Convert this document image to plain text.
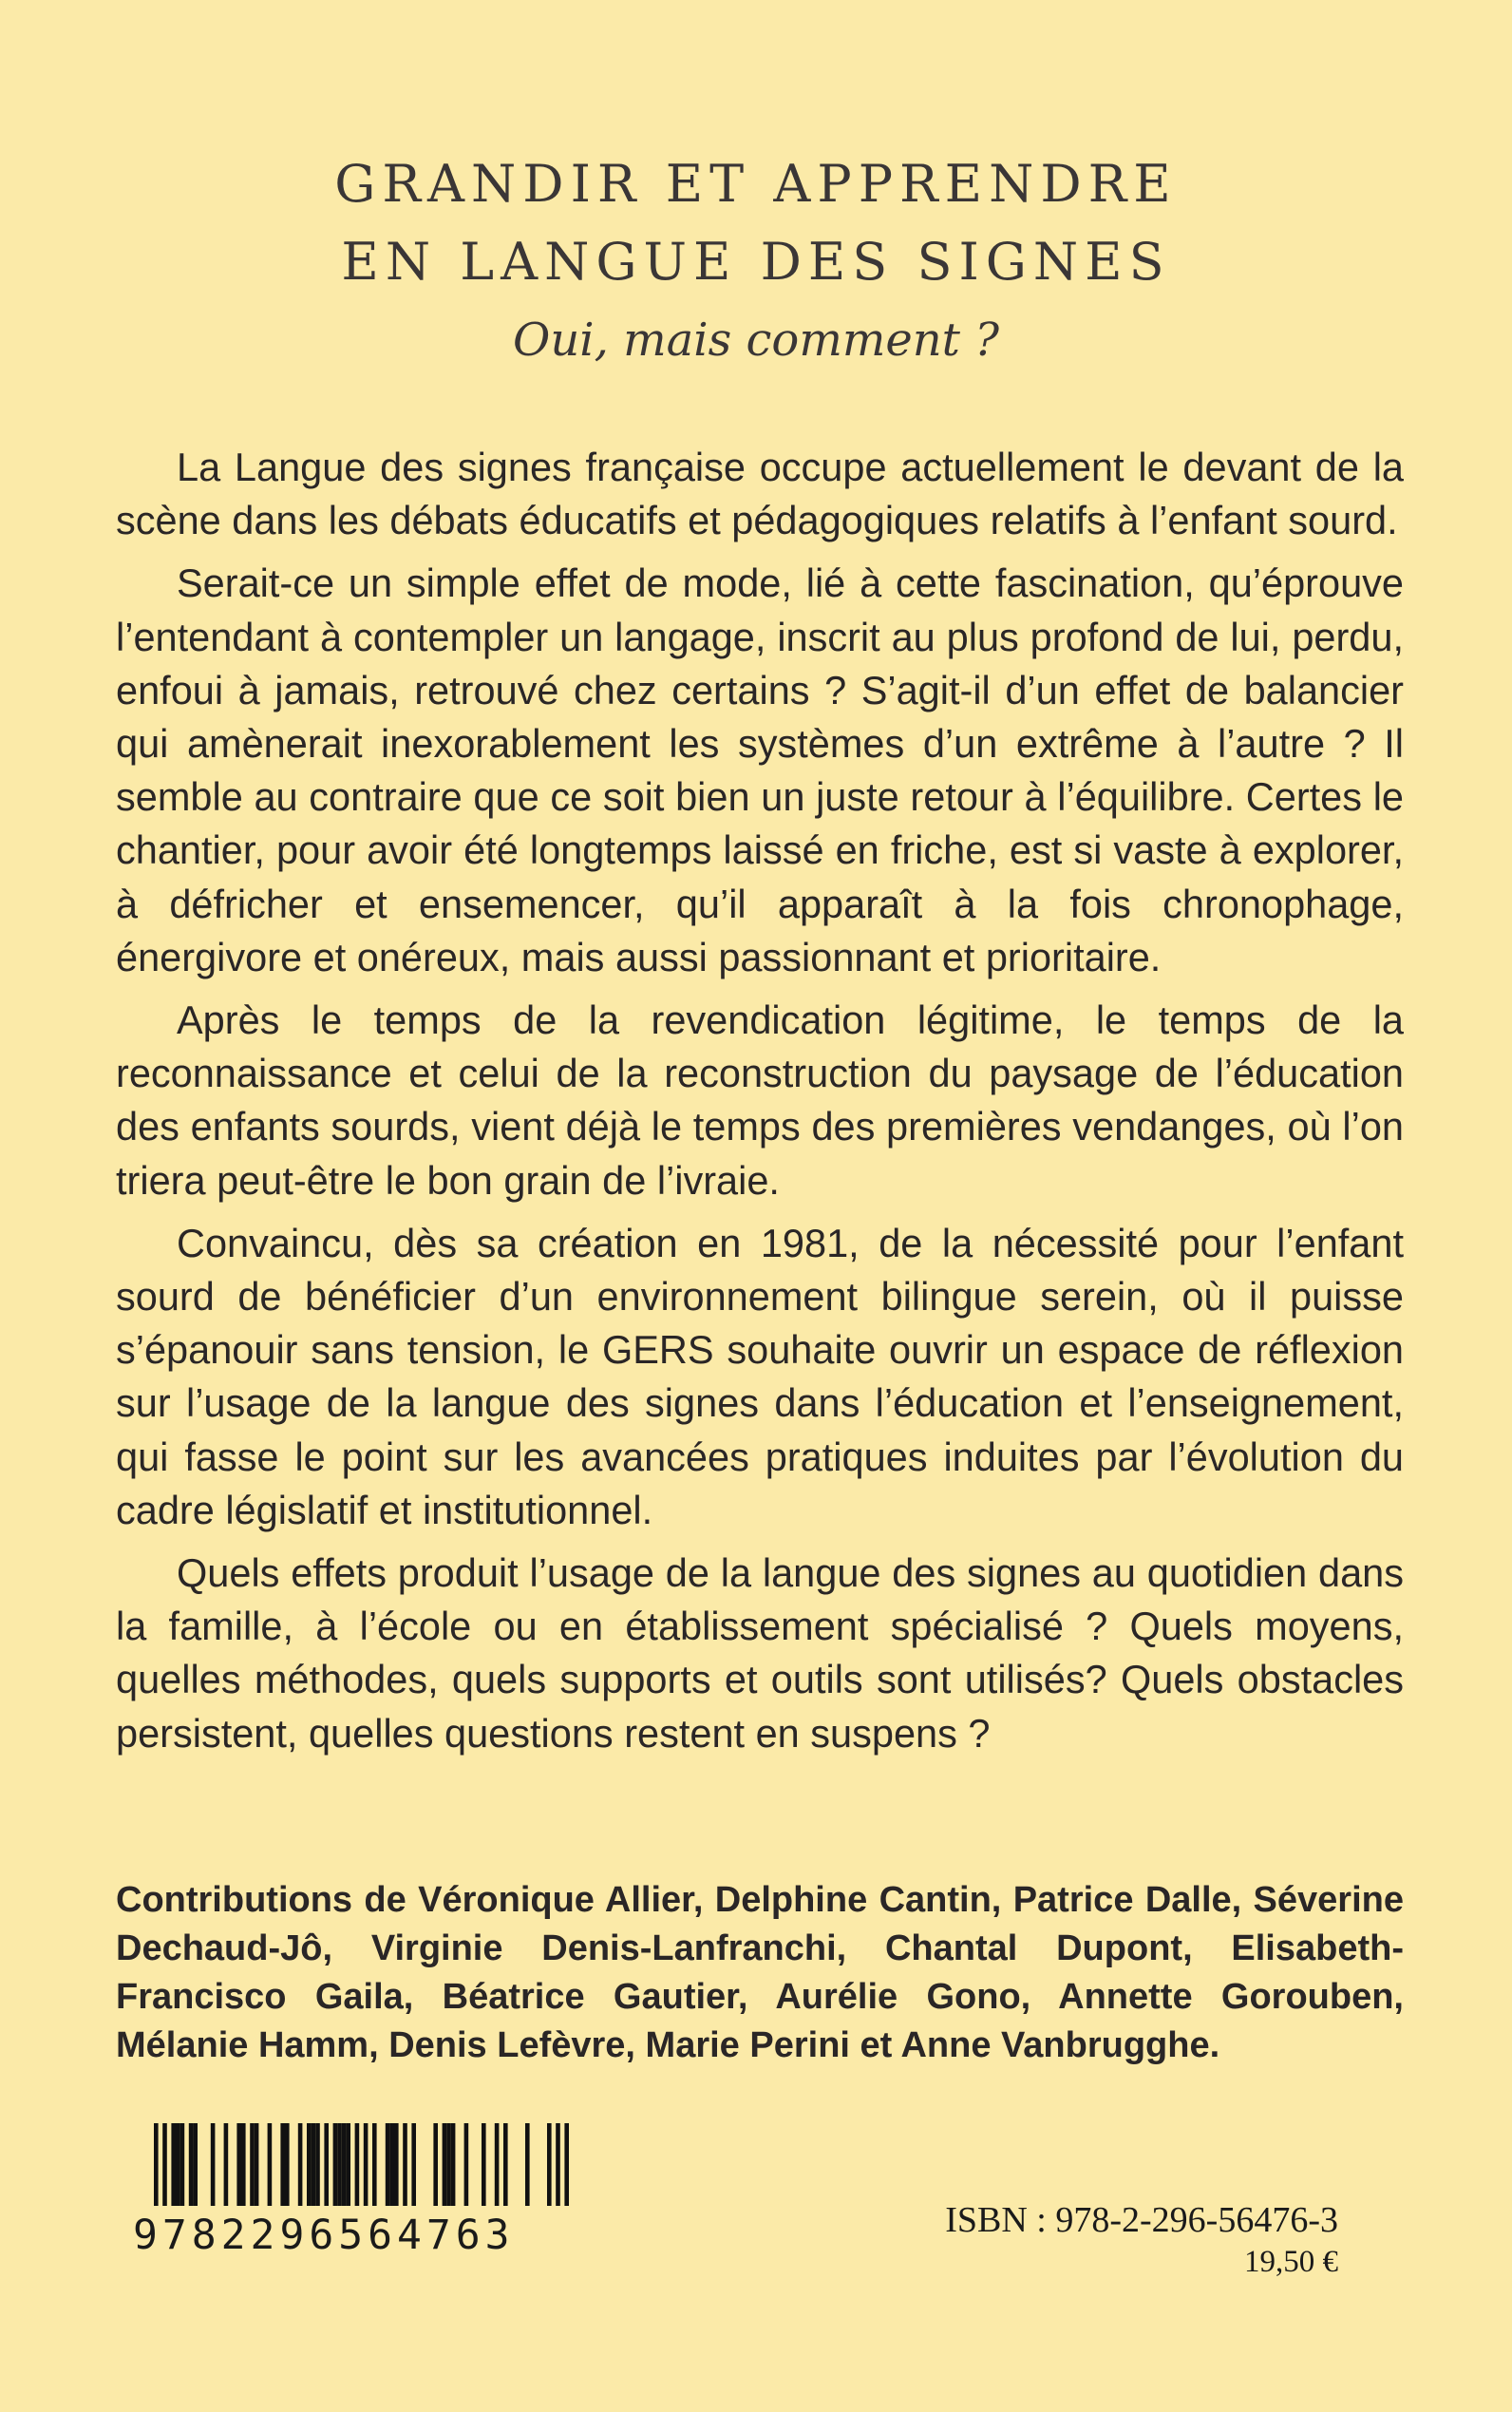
GRANDIR ET APPRENDRE
EN LANGUE DES SIGNES
Oui, mais comment ?

La Langue des signes française occupe actuellement le devant de la scène dans les débats éducatifs et pédagogiques relatifs à l’enfant sourd.

Serait-ce un simple effet de mode, lié à cette fascination, qu’éprouve l’entendant à contempler un langage, inscrit au plus profond de lui, perdu, enfoui à jamais, retrouvé chez certains ? S’agit-il d’un effet de balancier qui amènerait inexorablement les systèmes d’un extrême à l’autre ? Il semble au contraire que ce soit bien un juste retour à l’équilibre. Certes le chantier, pour avoir été longtemps laissé en friche, est si vaste à explorer, à défricher et ensemencer, qu’il apparaît à la fois chronophage, énergivore et onéreux, mais aussi passionnant et prioritaire.

Après le temps de la revendication légitime, le temps de la reconnaissance et celui de la reconstruction du paysage de l’éducation des enfants sourds, vient déjà le temps des premières vendanges, où l’on triera peut-être le bon grain de l’ivraie.

Convaincu, dès sa création en 1981, de la nécessité pour l’enfant sourd de bénéficier d’un environnement bilingue serein, où il puisse s’épanouir sans tension, le GERS souhaite ouvrir un espace de réflexion sur l’usage de la langue des signes dans l’éducation et l’enseignement, qui fasse le point sur les avancées pratiques induites par l’évolution du cadre législatif et institutionnel.

Quels effets produit l’usage de la langue des signes au quotidien dans la famille, à l’école ou en établissement spécialisé ? Quels moyens, quelles méthodes, quels supports et outils sont utilisés? Quels obstacles persistent, quelles questions restent en suspens ?

Contributions de Véronique Allier, Delphine Cantin, Patrice Dalle, Séverine Dechaud-Jô, Virginie Denis-Lanfranchi, Chantal Dupont, Elisabeth-Francisco Gaila, Béatrice Gautier, Aurélie Gono, Annette Gorouben, Mélanie Hamm, Denis Lefèvre, Marie Perini et Anne Vanbrugghe.
9782296564763	ISBN : 978-2-296-56476-3
19,50 €
